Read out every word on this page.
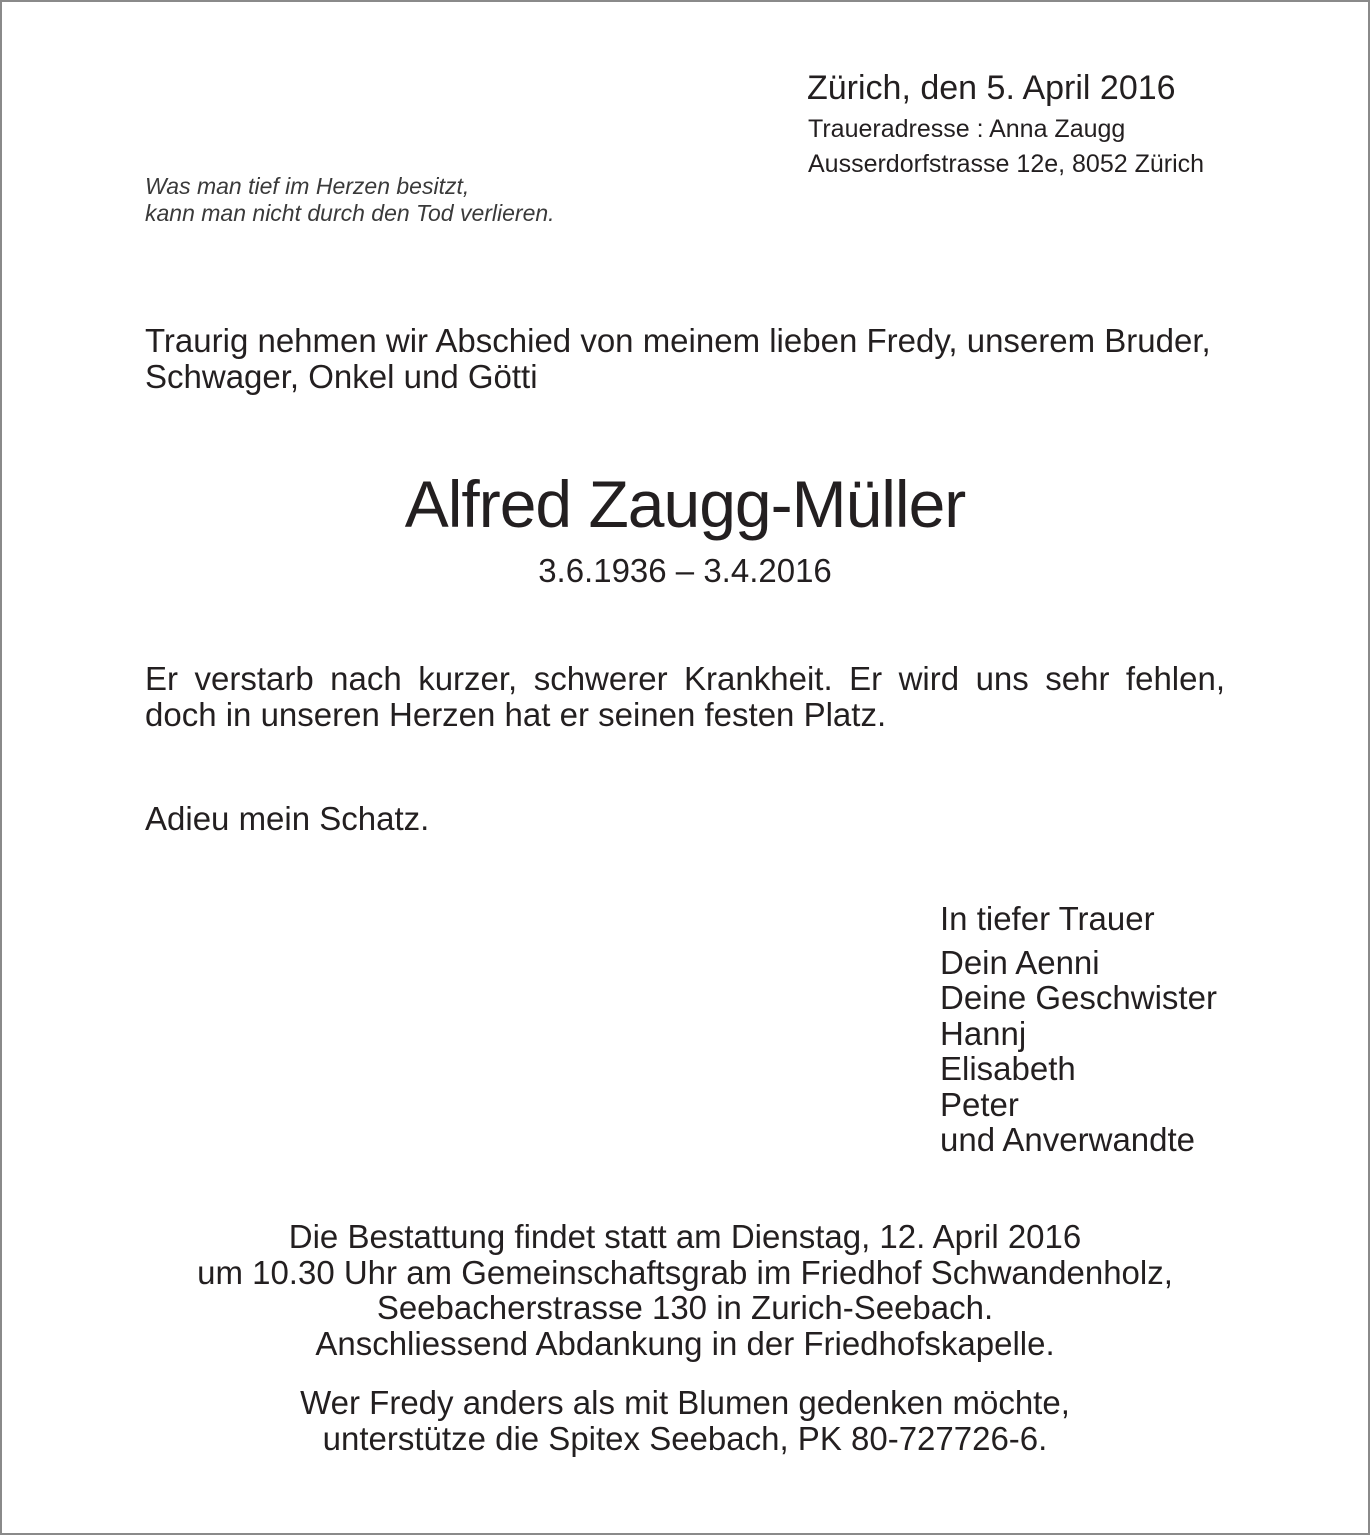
Zürich, den 5. April 2016
Traueradresse : Anna Zaugg
Ausserdorfstrasse 12e, 8052 Zürich
Was man tief im Herzen besitzt,
kann man nicht durch den Tod verlieren.
Traurig nehmen wir Abschied von meinem lieben Fredy, unserem Bruder,
Schwager, Onkel und Götti
Alfred Zaugg-Müller
3.6.1936 – 3.4.2016
Er verstarb nach kurzer, schwerer Krankheit. Er wird uns sehr fehlen,
doch in unseren Herzen hat er seinen festen Platz.
Adieu mein Schatz.
In tiefer Trauer
Dein Aenni
Deine Geschwister
Hannj
Elisabeth
Peter
und Anverwandte
Die Bestattung findet statt am Dienstag, 12. April 2016
um 10.30 Uhr am Gemeinschaftsgrab im Friedhof Schwandenholz,
Seebacherstrasse 130 in Zurich-Seebach.
Anschliessend Abdankung in der Friedhofskapelle.
Wer Fredy anders als mit Blumen gedenken möchte,
unterstütze die Spitex Seebach, PK 80-727726-6.
